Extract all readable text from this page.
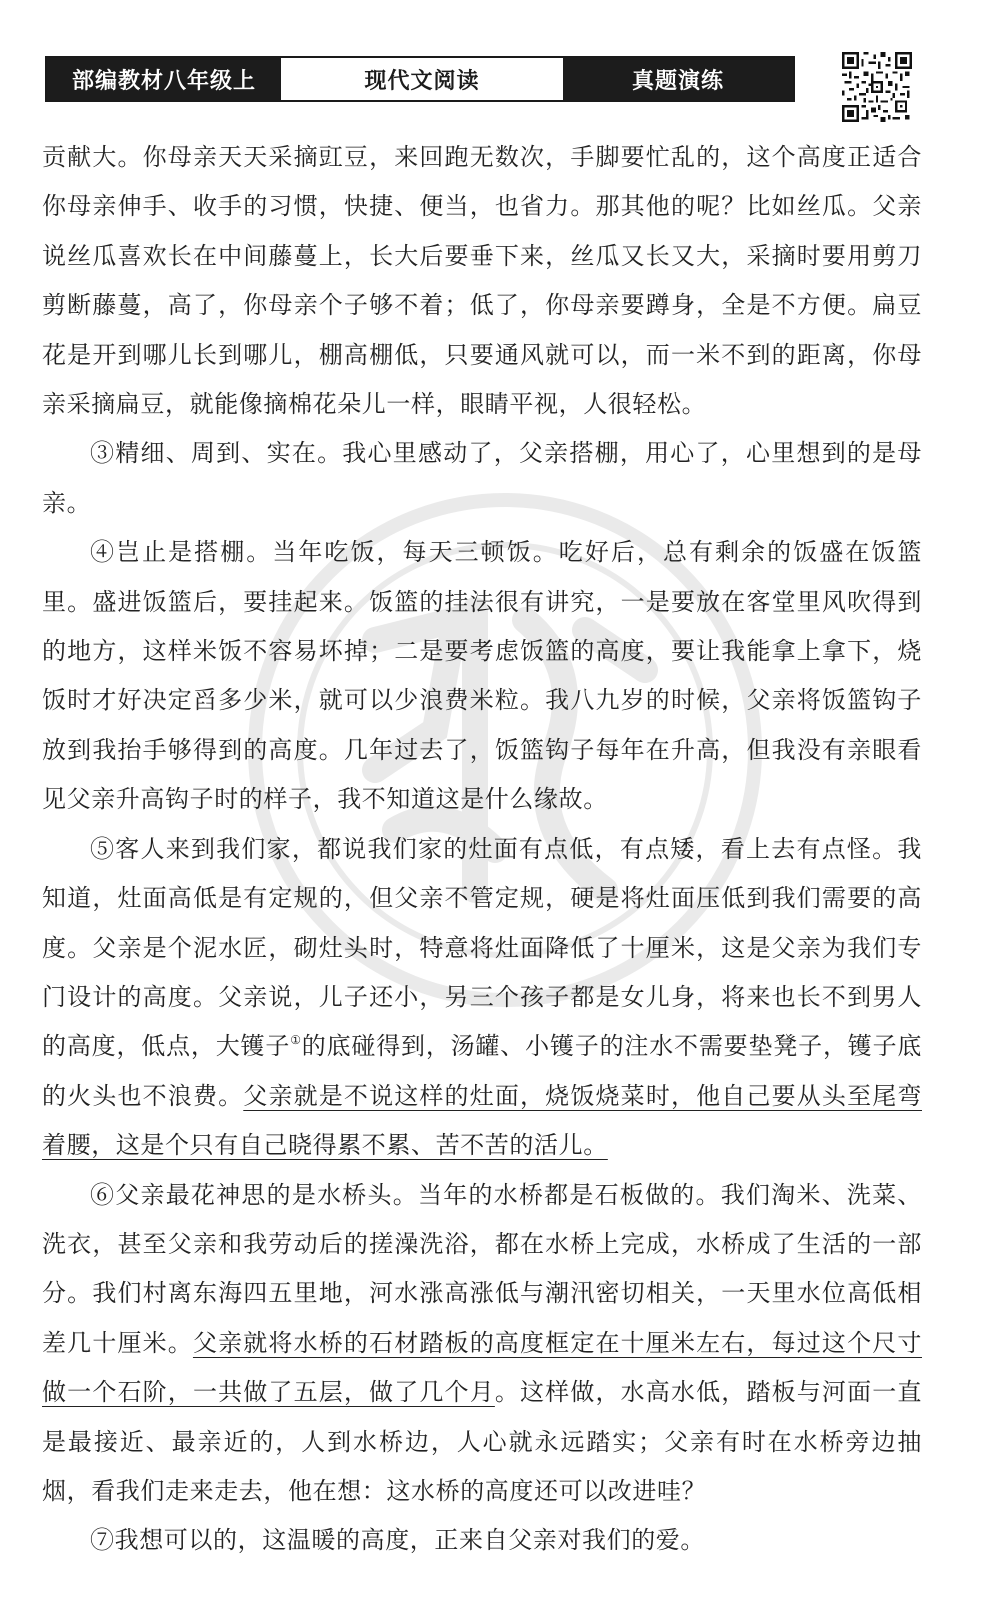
部编教材八年级上	现代文阅读	真题演练

贡献大。你母亲天天采摘豇豆，来回跑无数次，手脚要忙乱的，这个高度正适合你母亲伸手、收手的习惯，快捷、便当，也省力。那其他的呢？比如丝瓜。父亲说丝瓜喜欢长在中间藤蔓上，长大后要垂下来，丝瓜又长又大，采摘时要用剪刀剪断藤蔓，高了，你母亲个子够不着；低了，你母亲要蹲身，全是不方便。扁豆花是开到哪儿长到哪儿，棚高棚低，只要通风就可以，而一米不到的距离，你母亲采摘扁豆，就能像摘棉花朵儿一样，眼睛平视，人很轻松。

③精细、周到、实在。我心里感动了，父亲搭棚，用心了，心里想到的是母亲。

④岂止是搭棚。当年吃饭，每天三顿饭。吃好后，总有剩余的饭盛在饭篮里。盛进饭篮后，要挂起来。饭篮的挂法很有讲究，一是要放在客堂里风吹得到的地方，这样米饭不容易坏掉；二是要考虑饭篮的高度，要让我能拿上拿下，烧饭时才好决定舀多少米，就可以少浪费米粒。我八九岁的时候，父亲将饭篮钩子放到我抬手够得到的高度。几年过去了，饭篮钩子每年在升高，但我没有亲眼看见父亲升高钩子时的样子，我不知道这是什么缘故。

⑤客人来到我们家，都说我们家的灶面有点低，有点矮，看上去有点怪。我知道，灶面高低是有定规的，但父亲不管定规，硬是将灶面压低到我们需要的高度。父亲是个泥水匠，砌灶头时，特意将灶面降低了十厘米，这是父亲为我们专门设计的高度。父亲说，儿子还小，另三个孩子都是女儿身，将来也长不到男人的高度，低点，大镬子①的底碰得到，汤罐、小镬子的注水不需要垫凳子，镬子底的火头也不浪费。父亲就是不说这样的灶面，烧饭烧菜时，他自己要从头至尾弯着腰，这是个只有自己晓得累不累、苦不苦的活儿。

⑥父亲最花神思的是水桥头。当年的水桥都是石板做的。我们淘米、洗菜、洗衣，甚至父亲和我劳动后的搓澡洗浴，都在水桥上完成，水桥成了生活的一部分。我们村离东海四五里地，河水涨高涨低与潮汛密切相关，一天里水位高低相差几十厘米。父亲就将水桥的石材踏板的高度框定在十厘米左右，每过这个尺寸做一个石阶，一共做了五层，做了几个月。这样做，水高水低，踏板与河面一直是最接近、最亲近的，人到水桥边，人心就永远踏实；父亲有时在水桥旁边抽烟，看我们走来走去，他在想：这水桥的高度还可以改进哇？

⑦我想可以的，这温暖的高度，正来自父亲对我们的爱。
